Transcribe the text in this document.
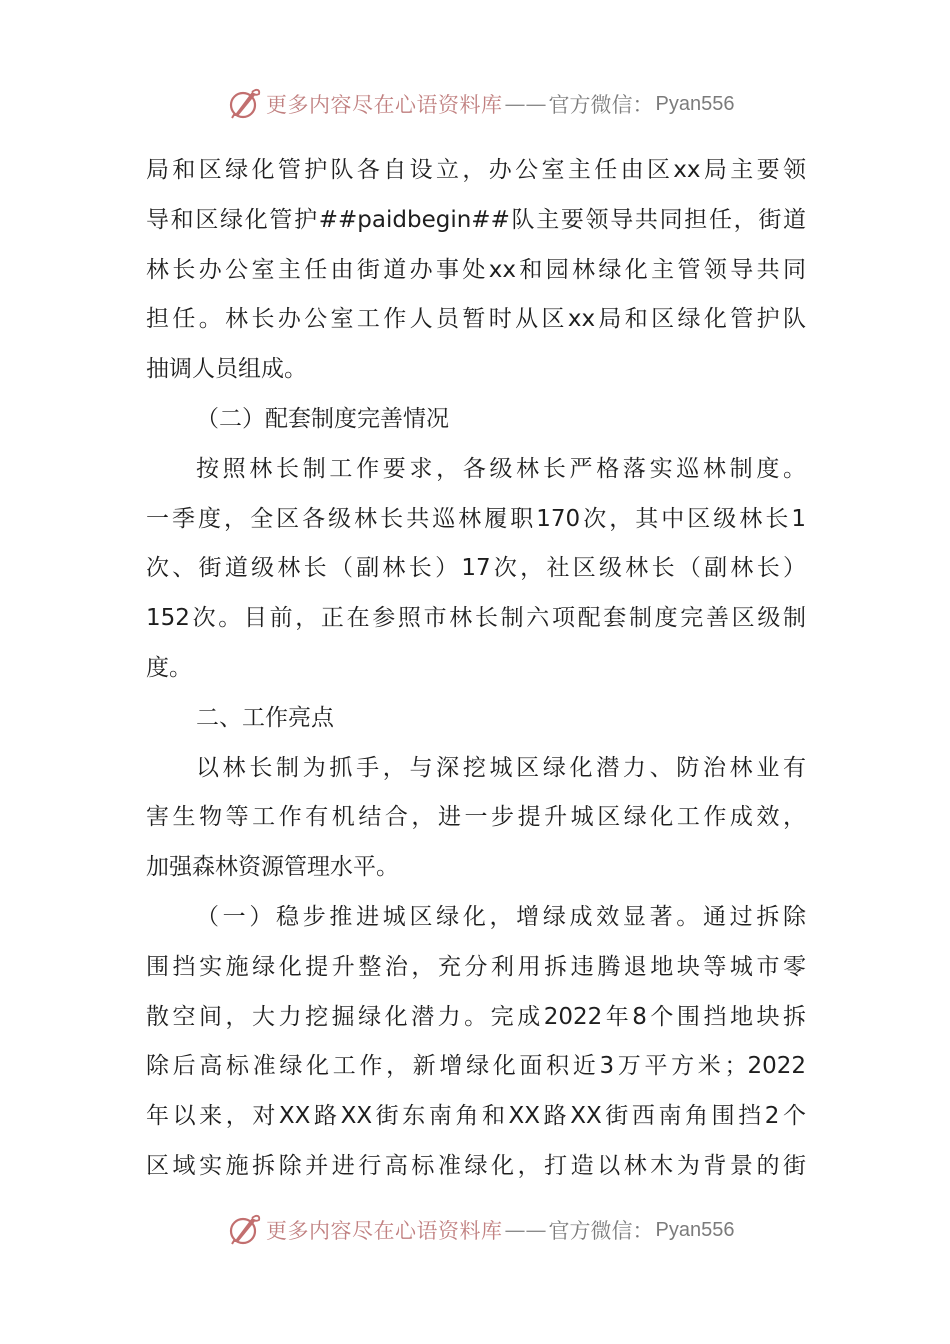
更多内容尽在心语资料库 —— 官方微信： Pyan556
局和区绿化管护队各自设立，办公室主任由区xx局主要领
导和区绿化管护##paidbegin##队主要领导共同担任，街道
林长办公室主任由街道办事处xx和园林绿化主管领导共同
担任。林长办公室工作人员暂时从区xx局和区绿化管护队
抽调人员组成。
（二）配套制度完善情况
按照林长制工作要求，各级林长严格落实巡林制度。
一季度，全区各级林长共巡林履职170次，其中区级林长1
次、街道级林长（副林长）17次，社区级林长（副林长）
152次。目前，正在参照市林长制六项配套制度完善区级制
度。
二、工作亮点
以林长制为抓手，与深挖城区绿化潜力、防治林业有
害生物等工作有机结合，进一步提升城区绿化工作成效，
加强森林资源管理水平。
（一）稳步推进城区绿化，增绿成效显著。通过拆除
围挡实施绿化提升整治，充分利用拆违腾退地块等城市零
散空间，大力挖掘绿化潜力。完成2022年8个围挡地块拆
除后高标准绿化工作，新增绿化面积近3万平方米；2022
年以来，对XX路XX街东南角和XX路XX街西南角围挡2个
区域实施拆除并进行高标准绿化，打造以林木为背景的街
更多内容尽在心语资料库 —— 官方微信： Pyan556
